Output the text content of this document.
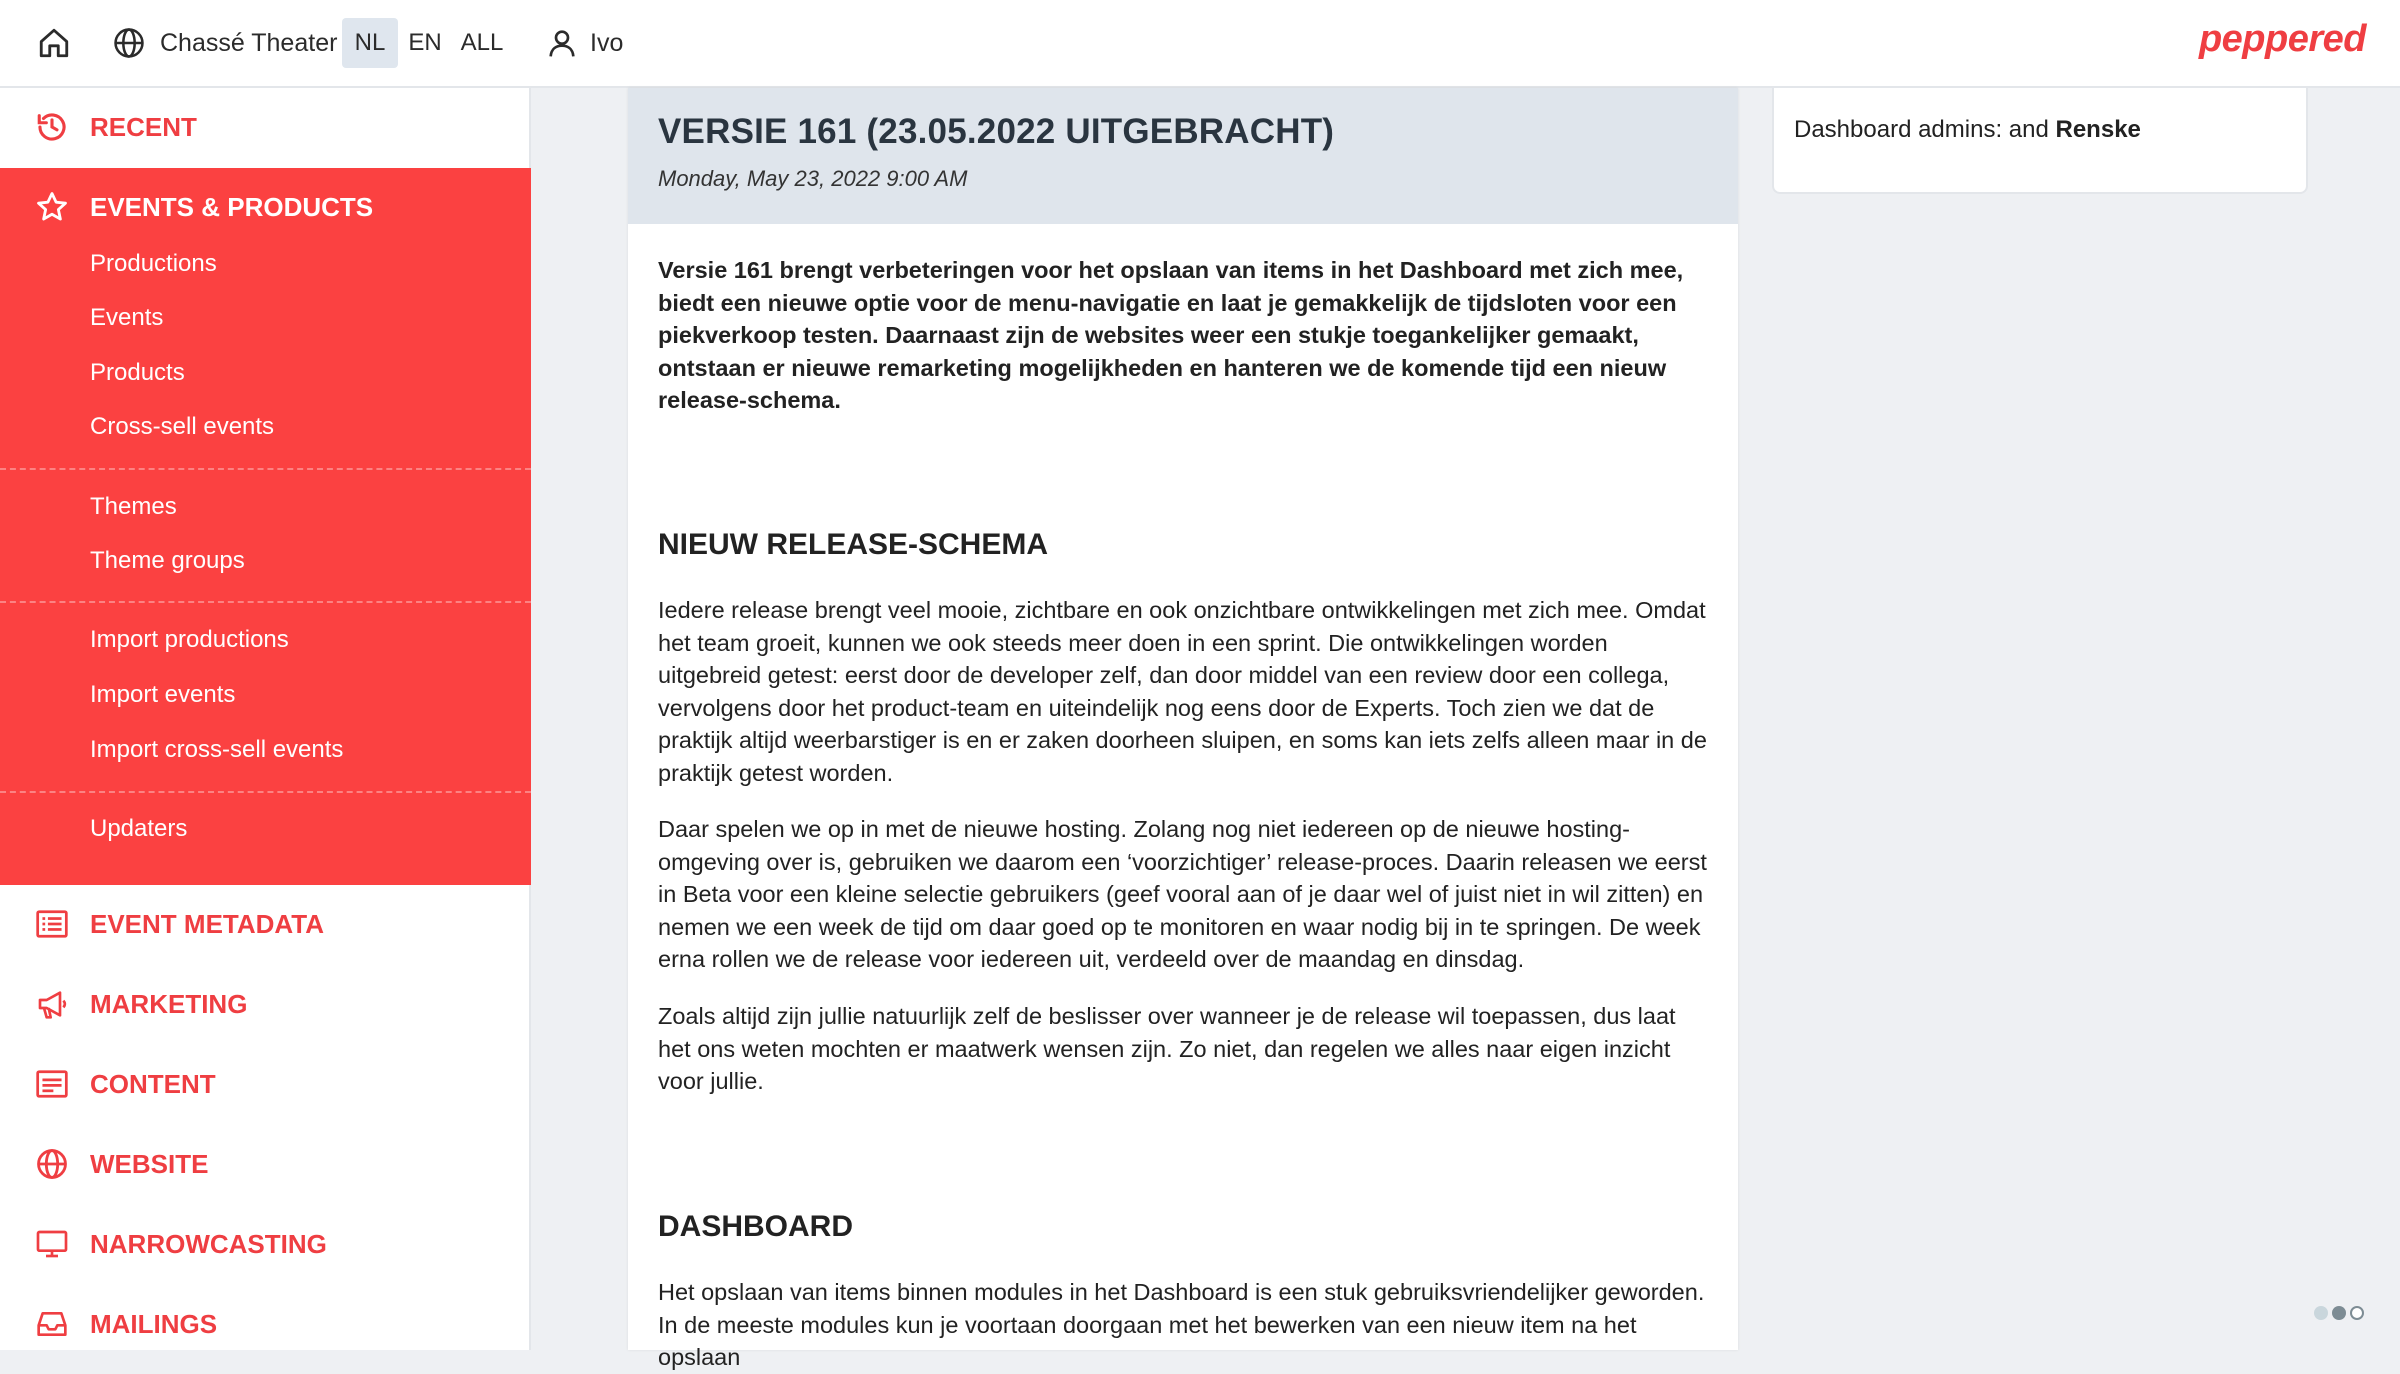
Chassé Theater NL EN ALL	Ivo	peppered
RECENT
EVENTS & PRODUCTS
Productions
Events
Products
Cross-sell events
Themes
Theme groups
Import productions
Import events
Import cross-sell events
Updaters
EVENT METADATA
MARKETING
CONTENT
WEBSITE
NARROWCASTING
MAILINGS
VERSIE 161 (23.05.2022 UITGEBRACHT)
Monday, May 23, 2022 9:00 AM

Versie 161 brengt verbeteringen voor het opslaan van items in het Dashboard met zich mee, biedt een nieuwe optie voor de menu-navigatie en laat je gemakkelijk de tijdsloten voor een piekverkoop testen. Daarnaast zijn de websites weer een stukje toegankelijker gemaakt, ontstaan er nieuwe remarketing mogelijkheden en hanteren we de komende tijd een nieuw release-schema.

NIEUW RELEASE-SCHEMA

Iedere release brengt veel mooie, zichtbare en ook onzichtbare ontwikkelingen met zich mee. Omdat het team groeit, kunnen we ook steeds meer doen in een sprint. Die ontwikkelingen worden uitgebreid getest: eerst door de developer zelf, dan door middel van een review door een collega, vervolgens door het product-team en uiteindelijk nog eens door de Experts. Toch zien we dat de praktijk altijd weerbarstiger is en er zaken doorheen sluipen, en soms kan iets zelfs alleen maar in de praktijk getest worden.

Daar spelen we op in met de nieuwe hosting. Zolang nog niet iedereen op de nieuwe hosting-omgeving over is, gebruiken we daarom een ‘voorzichtiger’ release-proces. Daarin releasen we eerst in Beta voor een kleine selectie gebruikers (geef vooral aan of je daar wel of juist niet in wil zitten) en nemen we een week de tijd om daar goed op te monitoren en waar nodig bij in te springen. De week erna rollen we de release voor iedereen uit, verdeeld over de maandag en dinsdag.

Zoals altijd zijn jullie natuurlijk zelf de beslisser over wanneer je de release wil toepassen, dus laat het ons weten mochten er maatwerk wensen zijn. Zo niet, dan regelen we alles naar eigen inzicht voor jullie.

DASHBOARD

Het opslaan van items binnen modules in het Dashboard is een stuk gebruiksvriendelijker geworden. In de meeste modules kun je voortaan doorgaan met het bewerken van een nieuw item na het opslaan

Dashboard admins: and Renske
